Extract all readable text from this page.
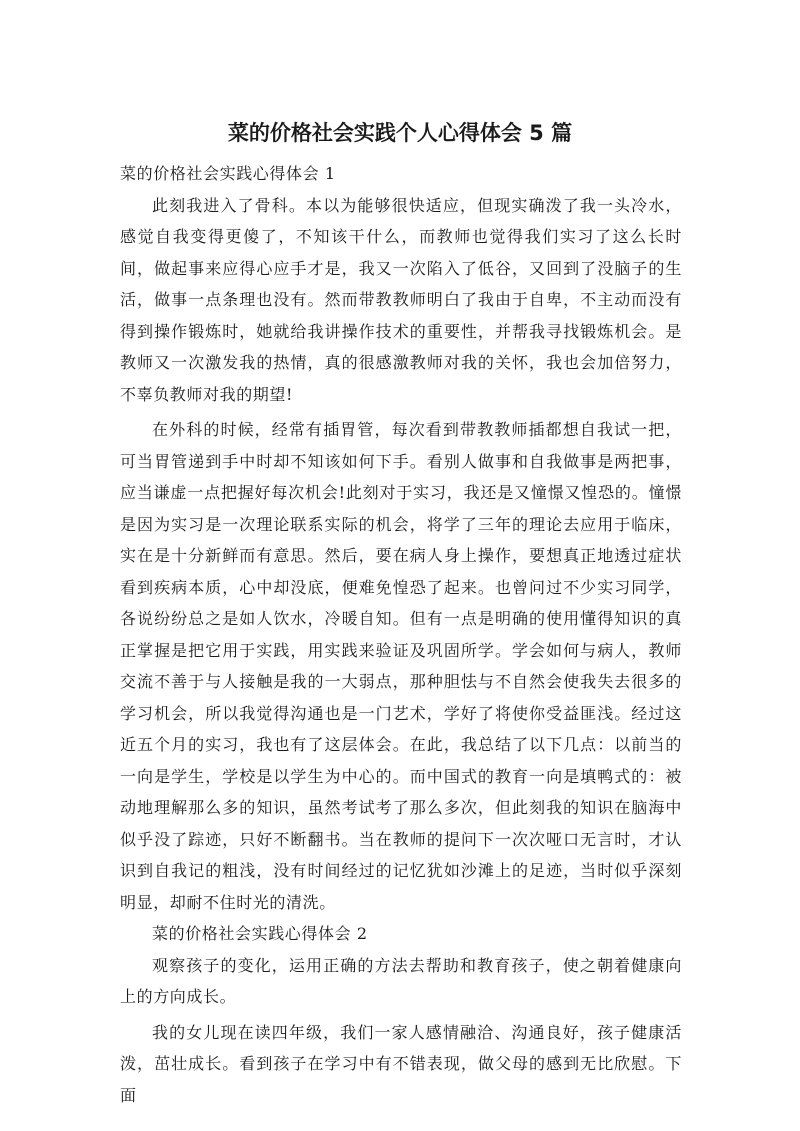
菜的价格社会实践个人心得体会 5 篇

菜的价格社会实践心得体会 1

此刻我进入了骨科。本以为能够很快适应，但现实确泼了我一头冷水，感觉自我变得更傻了，不知该干什么，而教师也觉得我们实习了这么长时间，做起事来应得心应手才是，我又一次陷入了低谷，又回到了没脑子的生活，做事一点条理也没有。然而带教教师明白了我由于自卑，不主动而没有得到操作锻炼时，她就给我讲操作技术的重要性，并帮我寻找锻炼机会。是教师又一次激发我的热情，真的很感激教师对我的关怀，我也会加倍努力，不辜负教师对我的期望!

在外科的时候，经常有插胃管，每次看到带教教师插都想自我试一把，可当胃管递到手中时却不知该如何下手。看别人做事和自我做事是两把事，应当谦虚一点把握好每次机会!此刻对于实习，我还是又憧憬又惶恐的。憧憬是因为实习是一次理论联系实际的机会，将学了三年的理论去应用于临床，实在是十分新鲜而有意思。然后，要在病人身上操作，要想真正地透过症状看到疾病本质，心中却没底，便难免惶恐了起来。也曾问过不少实习同学，各说纷纷总之是如人饮水，冷暖自知。但有一点是明确的使用懂得知识的真正掌握是把它用于实践，用实践来验证及巩固所学。学会如何与病人，教师交流不善于与人接触是我的一大弱点，那种胆怯与不自然会使我失去很多的学习机会，所以我觉得沟通也是一门艺术，学好了将使你受益匪浅。经过这近五个月的实习，我也有了这层体会。在此，我总结了以下几点：以前当的一向是学生，学校是以学生为中心的。而中国式的教育一向是填鸭式的：被动地理解那么多的知识，虽然考试考了那么多次，但此刻我的知识在脑海中似乎没了踪迹，只好不断翻书。当在教师的提问下一次次哑口无言时，才认识到自我记的粗浅，没有时间经过的记忆犹如沙滩上的足迹，当时似乎深刻明显，却耐不住时光的清洗。

菜的价格社会实践心得体会 2

观察孩子的变化，运用正确的方法去帮助和教育孩子，使之朝着健康向上的方向成长。

我的女儿现在读四年级，我们一家人感情融洽、沟通良好，孩子健康活泼，茁壮成长。看到孩子在学习中有不错表现，做父母的感到无比欣慰。下面
